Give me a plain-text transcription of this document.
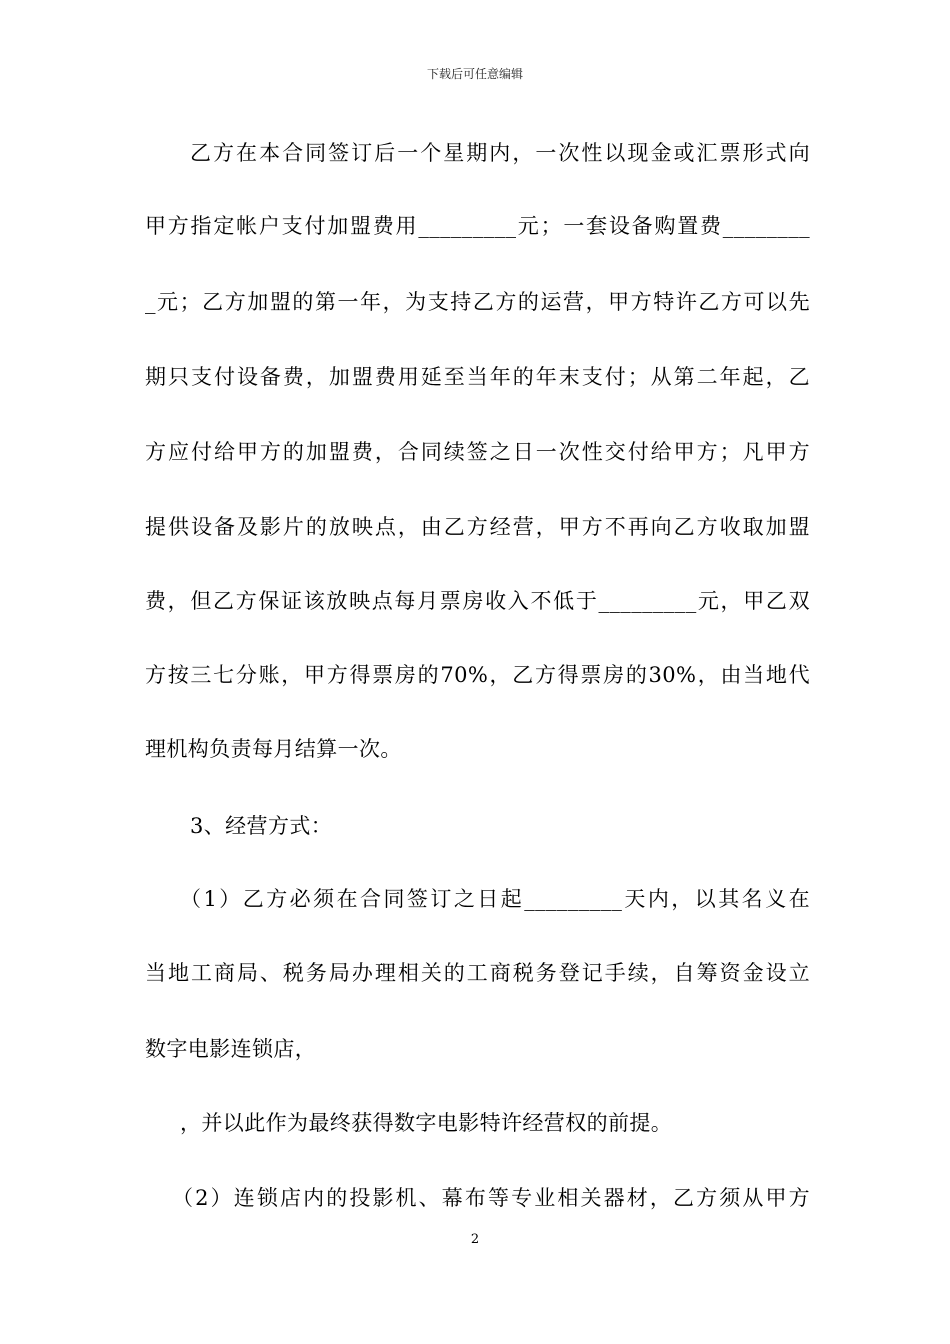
下载后可任意编辑
乙方在本合同签订后一个星期内，一次性以现金或汇票形式向
甲方指定帐户支付加盟费用_________元；一套设备购置费________
_元；乙方加盟的第一年，为支持乙方的运营，甲方特许乙方可以先
期只支付设备费，加盟费用延至当年的年末支付；从第二年起，乙
方应付给甲方的加盟费，合同续签之日一次性交付给甲方；凡甲方
提供设备及影片的放映点，由乙方经营，甲方不再向乙方收取加盟
费，但乙方保证该放映点每月票房收入不低于_________元，甲乙双
方按三七分账，甲方得票房的70%，乙方得票房的30%，由当地代
理机构负责每月结算一次。
3、经营方式：
（1）乙方必须在合同签订之日起_________天内，以其名义在
当地工商局、税务局办理相关的工商税务登记手续，自筹资金设立
数字电影连锁店，
，并以此作为最终获得数字电影特许经营权的前提。
（2）连锁店内的投影机、幕布等专业相关器材，乙方须从甲方
2
